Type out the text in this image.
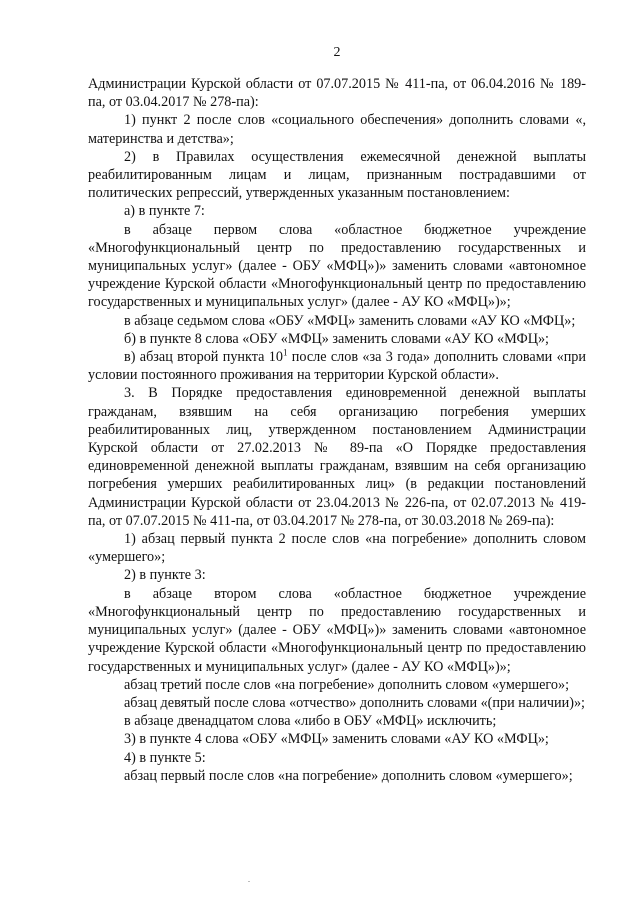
2

Администрации Курской области от 07.07.2015 № 411-па, от 06.04.2016 № 189-па, от 03.04.2017 № 278-па):

1) пункт 2 после слов «социального обеспечения» дополнить словами «, материнства и детства»;

2) в Правилах осуществления ежемесячной денежной выплаты реабилитированным лицам и лицам, признанным пострадавшими от политических репрессий, утвержденных указанным постановлением:

а) в пункте 7:

в абзаце первом слова «областное бюджетное учреждение «Многофункциональный центр по предоставлению государственных и муниципальных услуг» (далее - ОБУ «МФЦ»)» заменить словами «автономное учреждение Курской области «Многофункциональный центр по предоставлению государственных и муниципальных услуг» (далее - АУ КО «МФЦ»)»;

в абзаце седьмом слова «ОБУ «МФЦ» заменить словами «АУ КО «МФЦ»;

б) в пункте 8 слова «ОБУ «МФЦ» заменить словами «АУ КО «МФЦ»;

в) абзац второй пункта $10^1$ после слов «за 3 года» дополнить словами «при условии постоянного проживания на территории Курской области».

3. В Порядке предоставления единовременной денежной выплаты гражданам, взявшим на себя организацию погребения умерших реабилитированных лиц, утвержденном постановлением Администрации Курской области от 27.02.2013 № 89-па «О Порядке предоставления единовременной денежной выплаты гражданам, взявшим на себя организацию погребения умерших реабилитированных лиц» (в редакции постановлений Администрации Курской области от 23.04.2013 № 226-па, от 02.07.2013 № 419-па, от 07.07.2015 № 411-па, от 03.04.2017 № 278-па, от 30.03.2018 № 269-па):

1) абзац первый пункта 2 после слов «на погребение» дополнить словом «умершего»;

2) в пункте 3:

в абзаце втором слова «областное бюджетное учреждение «Многофункциональный центр по предоставлению государственных и муниципальных услуг» (далее - ОБУ «МФЦ»)» заменить словами «автономное учреждение Курской области «Многофункциональный центр по предоставлению государственных и муниципальных услуг» (далее - АУ КО «МФЦ»)»;

абзац третий после слов «на погребение» дополнить словом «умершего»;

абзац девятый после слова «отчество» дополнить словами «(при наличии)»;

в абзаце двенадцатом слова «либо в ОБУ «МФЦ» исключить;

3) в пункте 4 слова «ОБУ «МФЦ» заменить словами «АУ КО «МФЦ»;

4) в пункте 5:

абзац первый после слов «на погребение» дополнить словом «умершего»;
